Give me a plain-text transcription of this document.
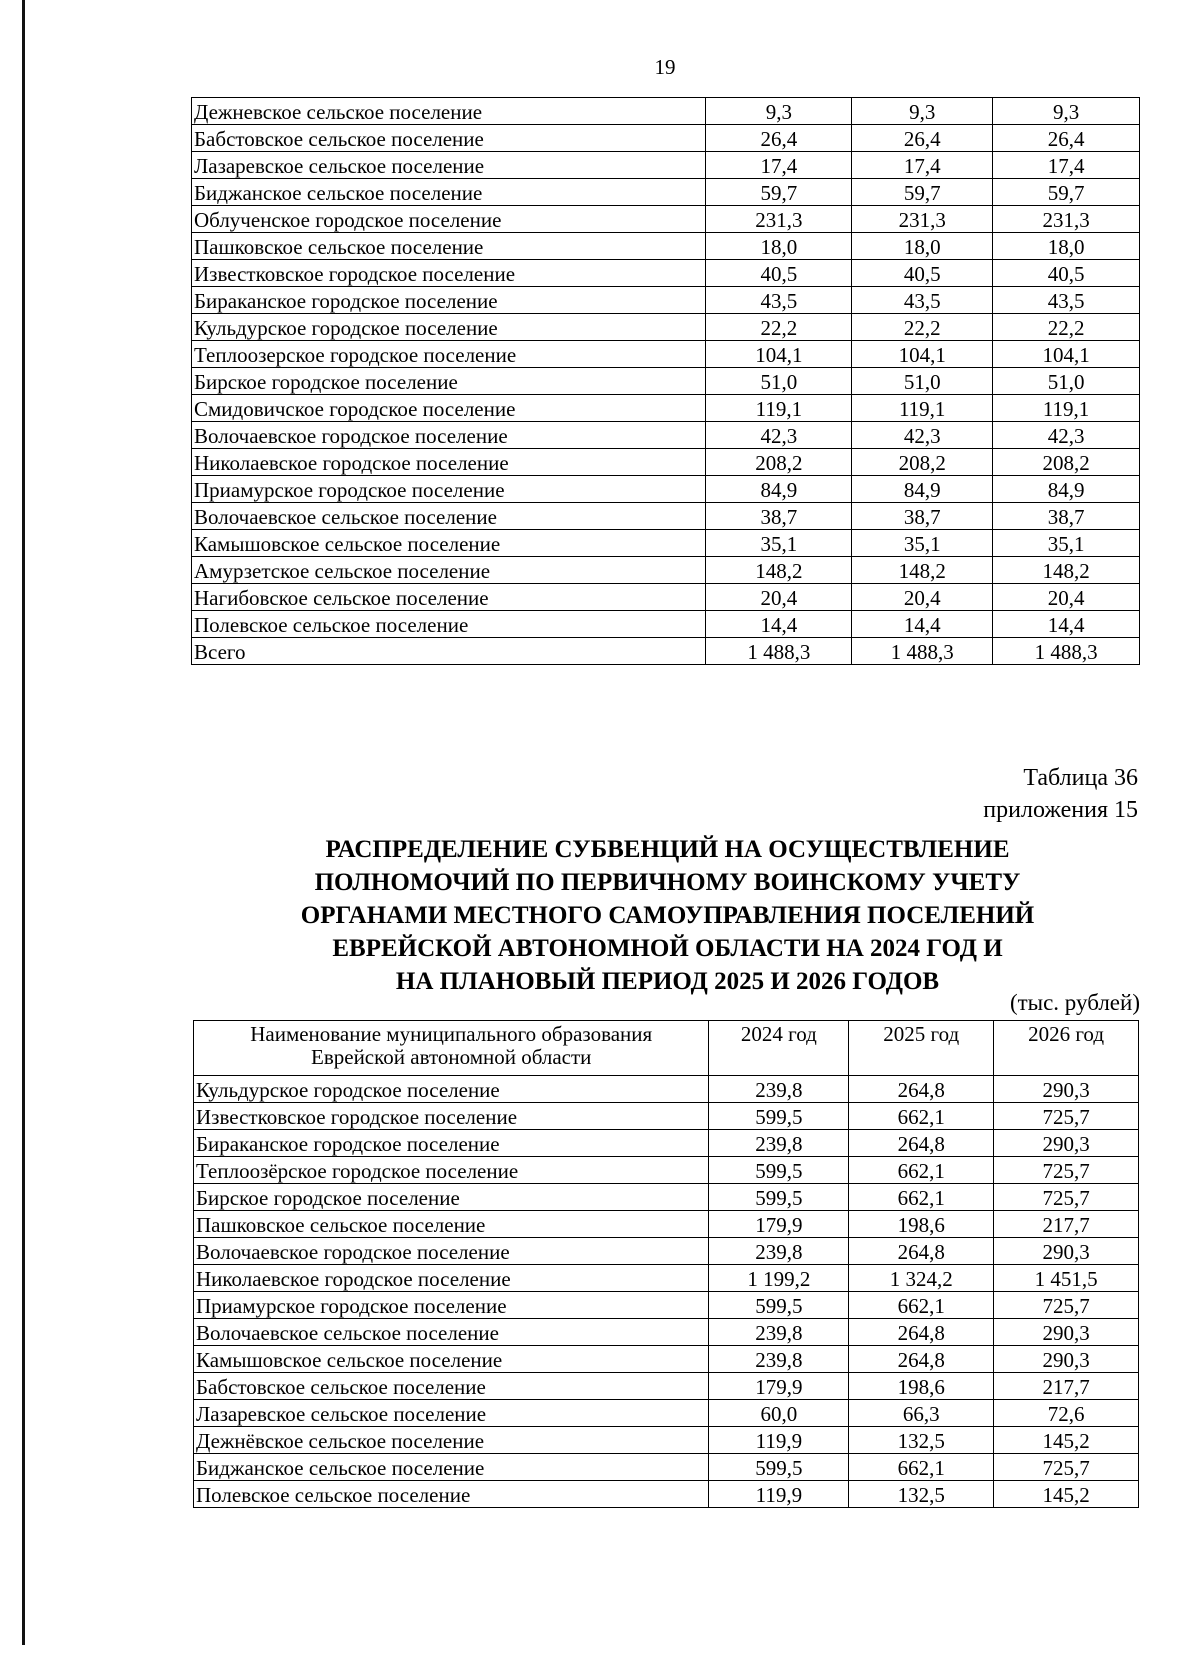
19
Дежневское сельское поселение	9,3	9,3	9,3
Бабстовское сельское поселение	26,4	26,4	26,4
Лазаревское сельское поселение	17,4	17,4	17,4
Биджанское сельское поселение	59,7	59,7	59,7
Облученское городское поселение	231,3	231,3	231,3
Пашковское сельское поселение	18,0	18,0	18,0
Известковское городское поселение	40,5	40,5	40,5
Бираканское городское поселение	43,5	43,5	43,5
Кульдурское городское поселение	22,2	22,2	22,2
Теплоозерское городское поселение	104,1	104,1	104,1
Бирское городское поселение	51,0	51,0	51,0
Смидовичское городское поселение	119,1	119,1	119,1
Волочаевское городское поселение	42,3	42,3	42,3
Николаевское городское поселение	208,2	208,2	208,2
Приамурское городское поселение	84,9	84,9	84,9
Волочаевское сельское поселение	38,7	38,7	38,7
Камышовское сельское поселение	35,1	35,1	35,1
Амурзетское сельское поселение	148,2	148,2	148,2
Нагибовское сельское поселение	20,4	20,4	20,4
Полевское сельское поселение	14,4	14,4	14,4
Всего	1 488,3	1 488,3	1 488,3
Таблица 36
приложения 15
РАСПРЕДЕЛЕНИЕ СУБВЕНЦИЙ НА ОСУЩЕСТВЛЕНИЕ
ПОЛНОМОЧИЙ ПО ПЕРВИЧНОМУ ВОИНСКОМУ УЧЕТУ
ОРГАНАМИ МЕСТНОГО САМОУПРАВЛЕНИЯ ПОСЕЛЕНИЙ
ЕВРЕЙСКОЙ АВТОНОМНОЙ ОБЛАСТИ НА 2024 ГОД И
НА ПЛАНОВЫЙ ПЕРИОД 2025 И 2026 ГОДОВ
(тыс. рублей)
Наименование муниципального образования
Еврейской автономной области	2024 год	2025 год	2026 год
Кульдурское городское поселение	239,8	264,8	290,3
Известковское городское поселение	599,5	662,1	725,7
Бираканское городское поселение	239,8	264,8	290,3
Теплоозёрское городское поселение	599,5	662,1	725,7
Бирское городское поселение	599,5	662,1	725,7
Пашковское сельское поселение	179,9	198,6	217,7
Волочаевское городское поселение	239,8	264,8	290,3
Николаевское городское поселение	1 199,2	1 324,2	1 451,5
Приамурское городское поселение	599,5	662,1	725,7
Волочаевское сельское поселение	239,8	264,8	290,3
Камышовское сельское поселение	239,8	264,8	290,3
Бабстовское сельское поселение	179,9	198,6	217,7
Лазаревское сельское поселение	60,0	66,3	72,6
Дежнёвское сельское поселение	119,9	132,5	145,2
Биджанское сельское поселение	599,5	662,1	725,7
Полевское сельское поселение	119,9	132,5	145,2
